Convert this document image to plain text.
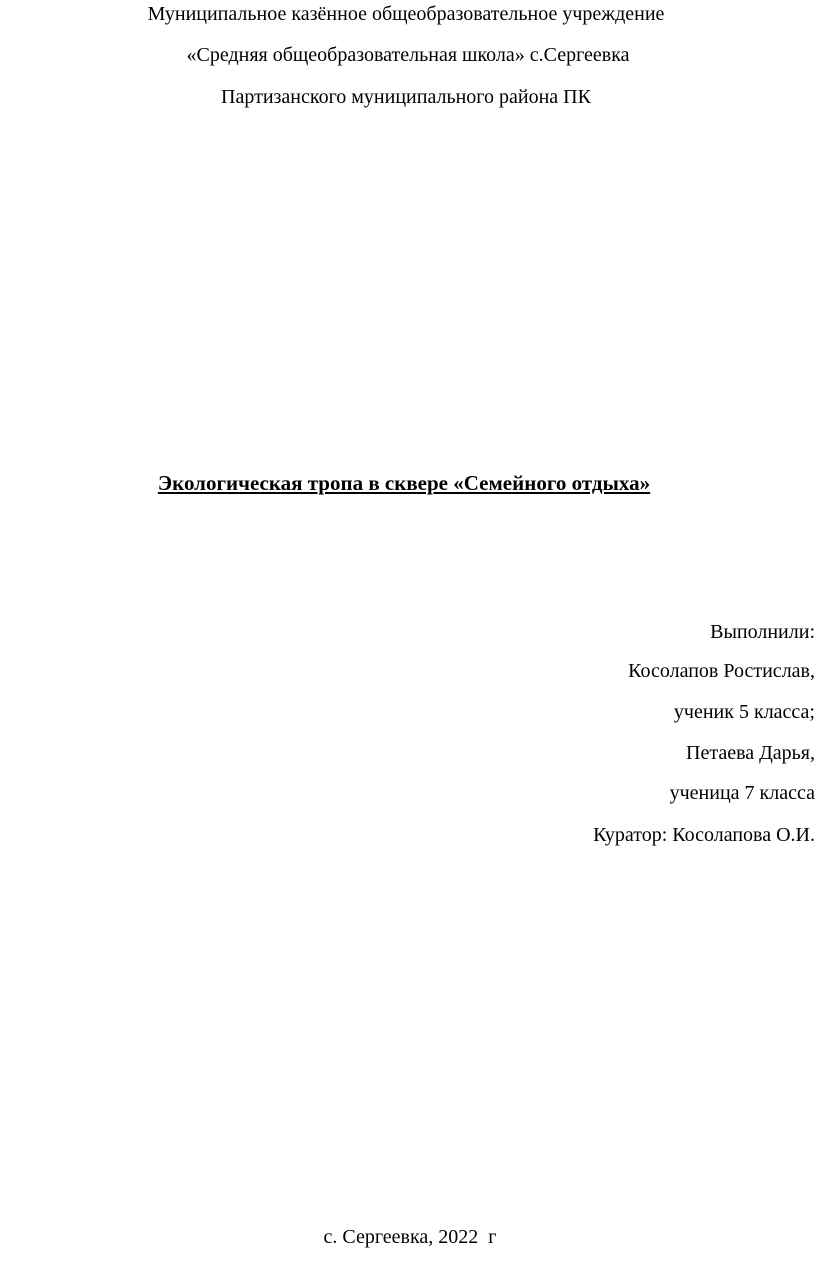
Муниципальное казённое общеобразовательное учреждение
«Средняя общеобразовательная школа» с.Сергеевка
Партизанского муниципального района ПК
Экологическая тропа в сквере «Семейного отдыха»
Выполнили:
Косолапов Ростислав,
ученик 5 класса;
Петаева Дарья,
ученица 7 класса
Куратор: Косолапова О.И.
с. Сергеевка, 2022  г
